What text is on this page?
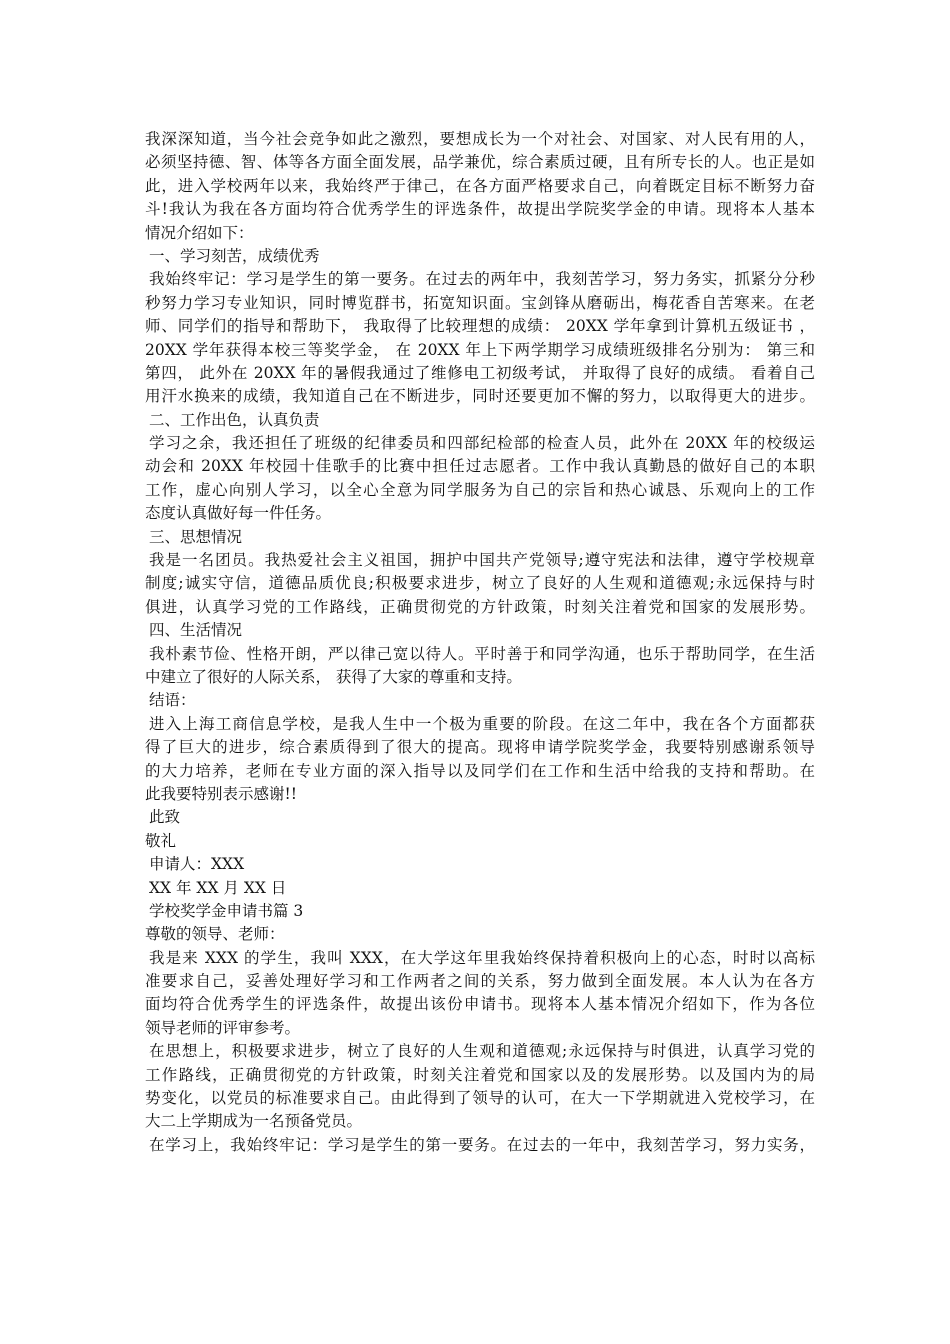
我深深知道，当今社会竞争如此之激烈，要想成长为一个对社会、对国家、对人民有用的人，
必须坚持德、智、体等各方面全面发展，品学兼优，综合素质过硬，且有所专长的人。也正是如
此，进入学校两年以来，我始终严于律己，在各方面严格要求自己，向着既定目标不断努力奋
斗!我认为我在各方面均符合优秀学生的评选条件，故提出学院奖学金的申请。现将本人基本
情况介绍如下：
一、学习刻苦，成绩优秀
我始终牢记：学习是学生的第一要务。在过去的两年中，我刻苦学习，努力务实，抓紧分分秒
秒努力学习专业知识，同时博览群书，拓宽知识面。宝剑锋从磨砺出，梅花香自苦寒来。在老
师、同学们的指导和帮助下， 我取得了比较理想的成绩： 20XX 学年拿到计算机五级证书 ，
20XX 学年获得本校三等奖学金， 在 20XX 年上下两学期学习成绩班级排名分别为： 第三和
第四， 此外在 20XX 年的暑假我通过了维修电工初级考试， 并取得了良好的成绩。 看着自己
用汗水换来的成绩，我知道自己在不断进步，同时还要更加不懈的努力，以取得更大的进步。
二、工作出色，认真负责
学习之余，我还担任了班级的纪律委员和四部纪检部的检查人员，此外在 20XX 年的校级运
动会和 20XX 年校园十佳歌手的比赛中担任过志愿者。工作中我认真勤恳的做好自己的本职
工作，虚心向别人学习，以全心全意为同学服务为自己的宗旨和热心诚恳、乐观向上的工作
态度认真做好每一件任务。
三、思想情况
我是一名团员。我热爱社会主义祖国，拥护中国共产党领导;遵守宪法和法律，遵守学校规章
制度;诚实守信，道德品质优良;积极要求进步，树立了良好的人生观和道德观;永远保持与时
俱进，认真学习党的工作路线，正确贯彻党的方针政策，时刻关注着党和国家的发展形势。
四、生活情况
我朴素节俭、性格开朗，严以律己宽以待人。平时善于和同学沟通，也乐于帮助同学，在生活
中建立了很好的人际关系， 获得了大家的尊重和支持。
结语：
进入上海工商信息学校，是我人生中一个极为重要的阶段。在这二年中，我在各个方面都获
得了巨大的进步，综合素质得到了很大的提高。现将申请学院奖学金，我要特别感谢系领导
的大力培养，老师在专业方面的深入指导以及同学们在工作和生活中给我的支持和帮助。在
此我要特别表示感谢!!
此致
敬礼
申请人：XXX
XX 年 XX 月 XX 日
学校奖学金申请书篇 3
尊敬的领导、老师：
我是来 XXX 的学生，我叫 XXX，在大学这年里我始终保持着积极向上的心态，时时以高标
准要求自己，妥善处理好学习和工作两者之间的关系，努力做到全面发展。本人认为在各方
面均符合优秀学生的评选条件，故提出该份申请书。现将本人基本情况介绍如下，作为各位
领导老师的评审参考。
在思想上，积极要求进步，树立了良好的人生观和道德观;永远保持与时俱进，认真学习党的
工作路线，正确贯彻党的方针政策，时刻关注着党和国家以及的发展形势。以及国内为的局
势变化，以党员的标准要求自己。由此得到了领导的认可，在大一下学期就进入党校学习，在
大二上学期成为一名预备党员。
在学习上，我始终牢记：学习是学生的第一要务。在过去的一年中，我刻苦学习，努力实务，
